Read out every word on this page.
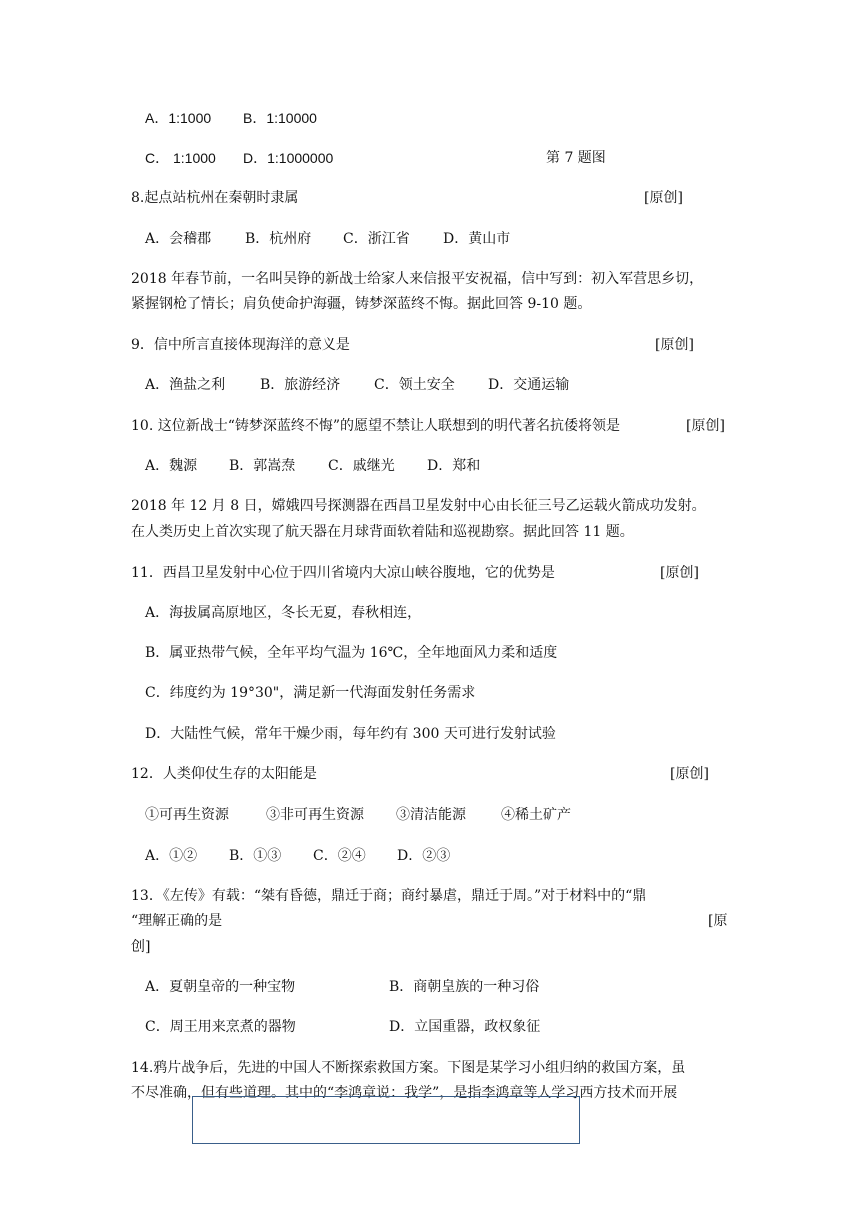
A．1:1000 B．1:10000
C． 1:1000 D．1:1000000	第 7 题图
8.起点站杭州在秦朝时隶属	[原创]
A．会稽郡 B．杭州府 C．浙江省 D．黄山市
2018 年春节前，一名叫吴铮的新战士给家人来信报平安祝福，信中写到：初入军营思乡切，
紧握钢枪了情长；肩负使命护海疆，铸梦深蓝终不悔。据此回答 9-10 题。
9．信中所言直接体现海洋的意义是	[原创]
A．渔盐之利 B．旅游经济 C．领土安全 D．交通运输
10. 这位新战士“铸梦深蓝终不悔”的愿望不禁让人联想到的明代著名抗倭将领是	[原创]
A．魏源 B．郭嵩焘 C．戚继光 D．郑和
2018 年 12 月 8 日，嫦娥四号探测器在西昌卫星发射中心由长征三号乙运载火箭成功发射。
在人类历史上首次实现了航天器在月球背面软着陆和巡视勘察。据此回答 11 题。
11．西昌卫星发射中心位于四川省境内大凉山峡谷腹地，它的优势是	[原创]
A．海拔属高原地区，冬长无夏，春秋相连，
B．属亚热带气候，全年平均气温为 16℃，全年地面风力柔和适度
C．纬度约为 19°30"，满足新一代海面发射任务需求
D．大陆性气候，常年干燥少雨，每年约有 300 天可进行发射试验
12．人类仰仗生存的太阳能是	[原创]
①可再生资源	③非可再生资源 ③清洁能源	④稀土矿产
A．①② B．①③ C．②④ D．②③
13．《左传》有载：“桀有昏德，鼎迁于商；商纣暴虐，鼎迁于周。”对于材料中的“鼎
“理解正确的是	[原
创]
A．夏朝皇帝的一种宝物	B．商朝皇族的一种习俗
C．周王用来烹煮的器物	D．立国重器，政权象征
14.鸦片战争后，先进的中国人不断探索救国方案。下图是某学习小组归纳的救国方案，虽
不尽准确，但有些道理。其中的“李鸿章说：我学”，是指李鸿章等人学习西方技术而开展
